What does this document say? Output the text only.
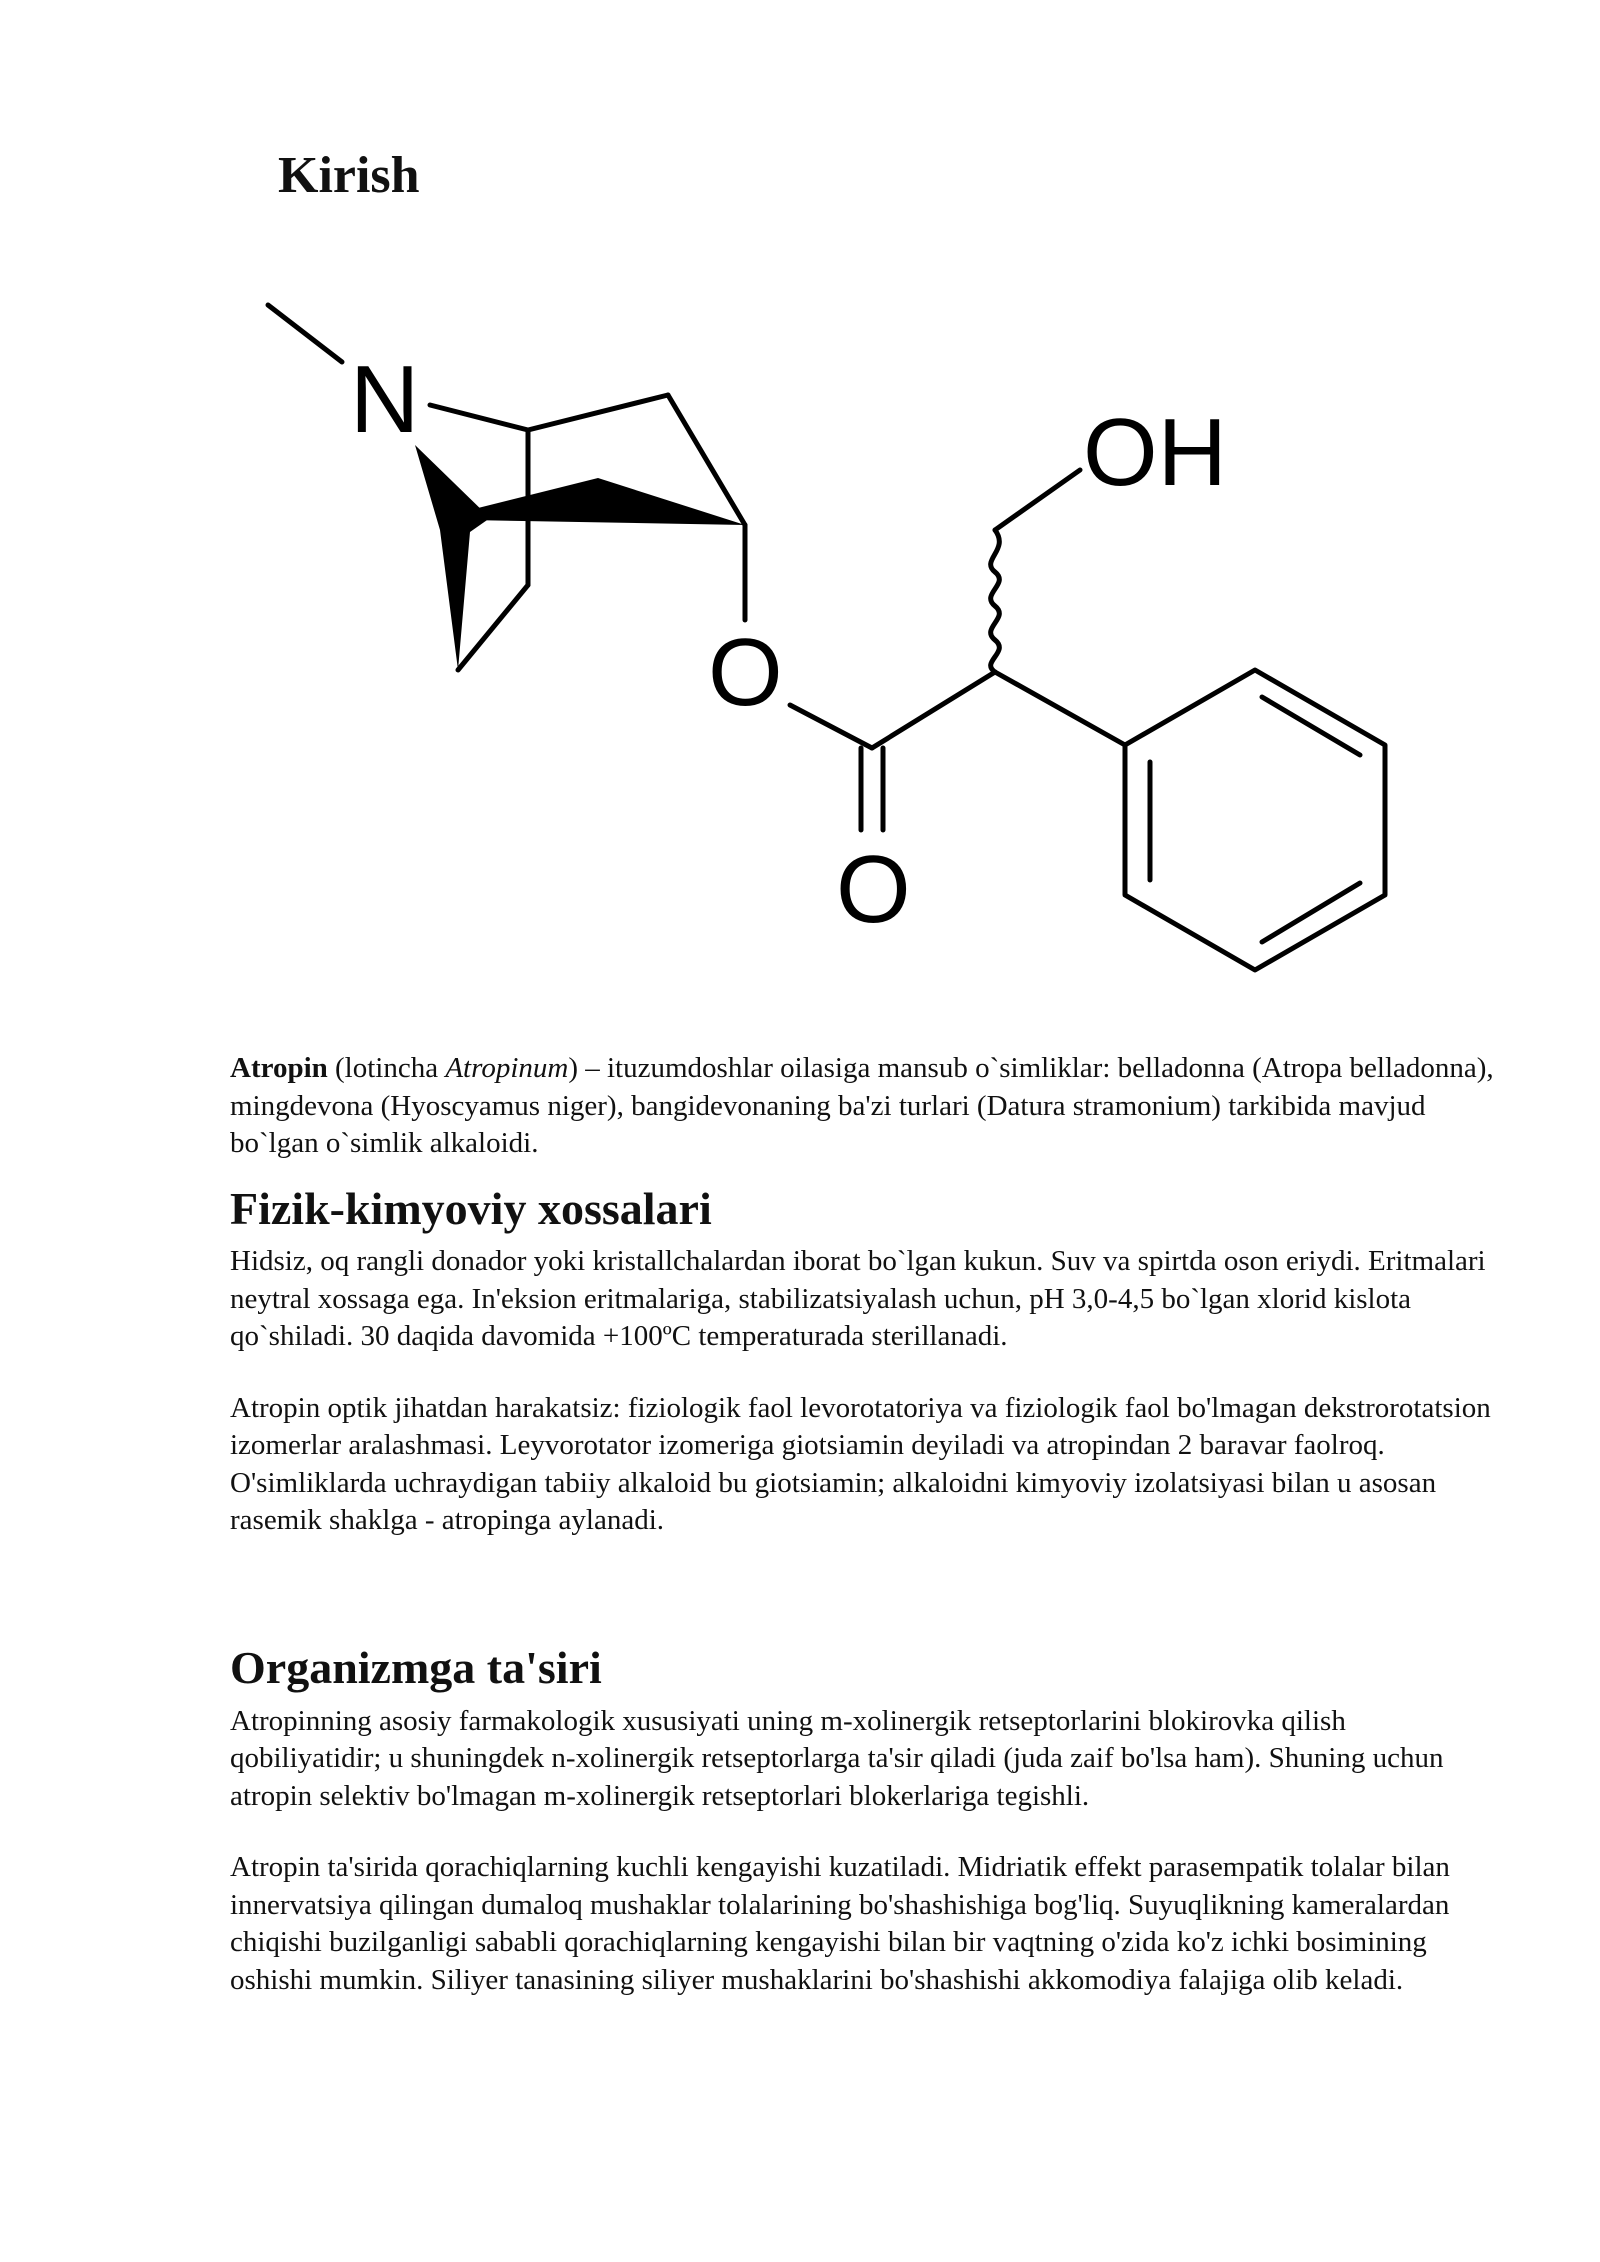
Kirish
N	OH
O
O

Atropin (lotincha Atropinum) – ituzumdoshlar oilasiga mansub o`simliklar: belladonna (Atropa belladonna), mingdevona (Hyoscyamus niger), bangidevonaning ba'zi turlari (Datura stramonium) tarkibida mavjud bo`lgan o`simlik alkaloidi.

Fizik-kimyoviy xossalari

Hidsiz, oq rangli donador yoki kristallchalardan iborat bo`lgan kukun. Suv va spirtda oson eriydi. Eritmalari neytral xossaga ega. In'eksion eritmalariga, stabilizatsiyalash uchun, pH 3,0-4,5 bo`lgan xlorid kislota qo`shiladi. 30 daqida davomida +100ºC temperaturada sterillanadi.

Atropin optik jihatdan harakatsiz: fiziologik faol levorotatoriya va fiziologik faol bo'lmagan dekstrorotatsion izomerlar aralashmasi. Leyvorotator izomeriga giotsiamin deyiladi va atropindan 2 baravar faolroq. O'simliklarda uchraydigan tabiiy alkaloid bu giotsiamin; alkaloidni kimyoviy izolatsiyasi bilan u asosan rasemik shaklga - atropinga aylanadi.

Organizmga ta'siri

Atropinning asosiy farmakologik xususiyati uning m-xolinergik retseptorlarini blokirovka qilish qobiliyatidir; u shuningdek n-xolinergik retseptorlarga ta'sir qiladi (juda zaif bo'lsa ham). Shuning uchun atropin selektiv bo'lmagan m-xolinergik retseptorlari blokerlariga tegishli.

Atropin ta'sirida qorachiqlarning kuchli kengayishi kuzatiladi. Midriatik effekt parasempatik tolalar bilan innervatsiya qilingan dumaloq mushaklar tolalarining bo'shashishiga bog'liq. Suyuqlikning kameralardan chiqishi buzilganligi sababli qorachiqlarning kengayishi bilan bir vaqtning o'zida ko'z ichki bosimining oshishi mumkin. Siliyer tanasining siliyer mushaklarini bo'shashishi akkomodiya falajiga olib keladi.
